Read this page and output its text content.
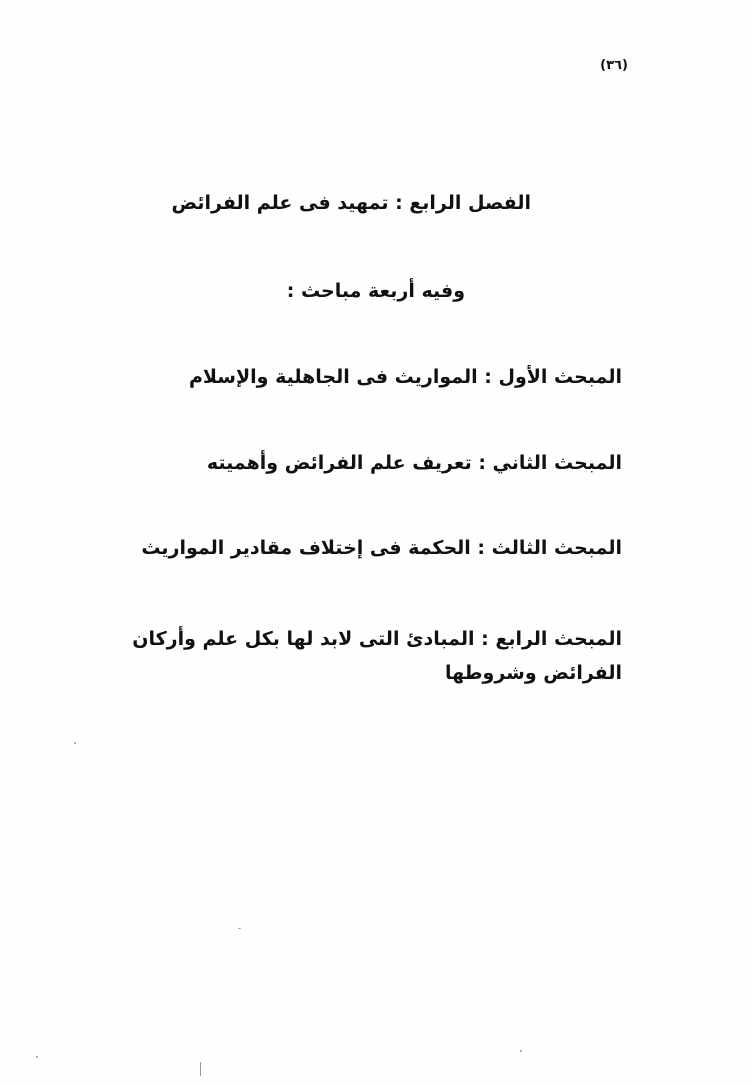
(٣٦)
الفصل الرابع : تمهيد فى علم الفرائض
وفيه أربعة مباحث :
المبحث الأول : المواريث فى الجاهلية والإسلام
المبحث الثاني : تعريف علم الفرائض وأهميته
المبحث الثالث : الحكمة فى إختلاف مقادير المواريث
المبحث الرابع : المبادئ التى لابد لها بكل علم وأركان الفرائض وشروطها
